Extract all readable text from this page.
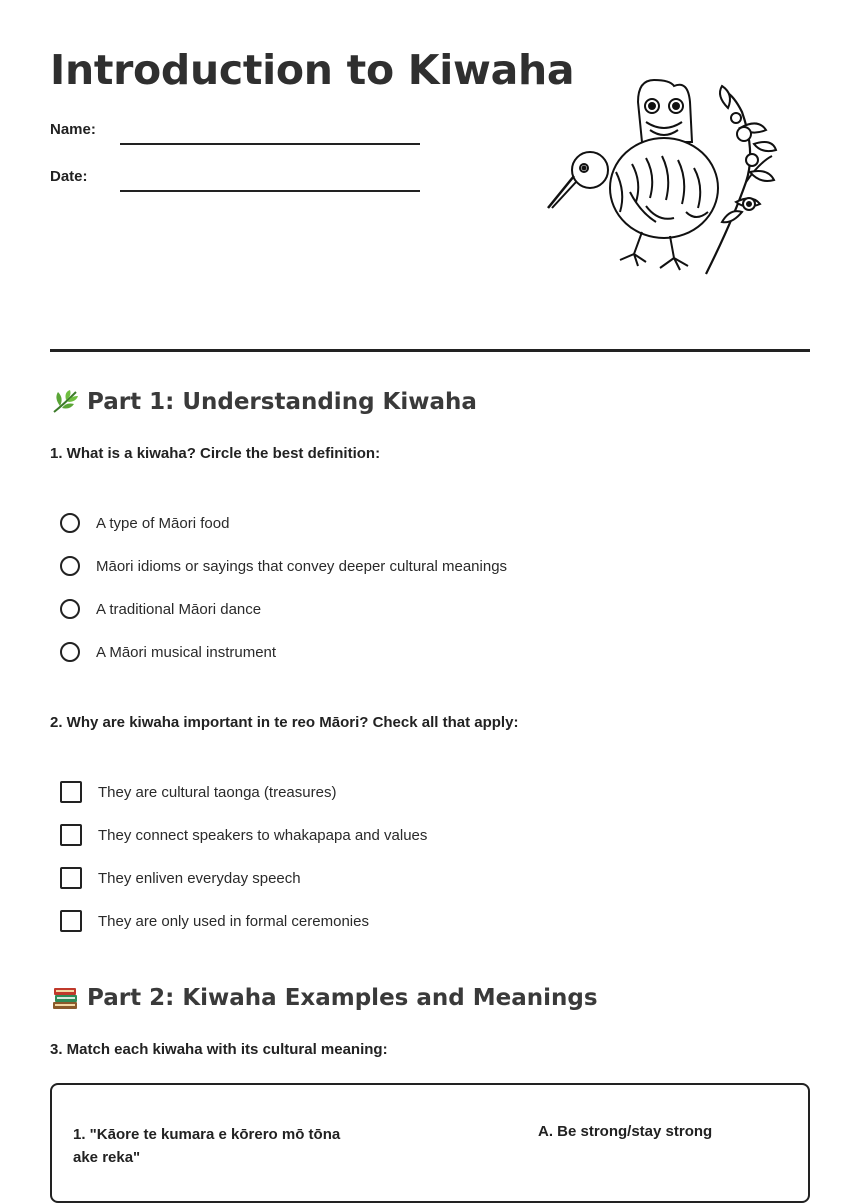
Introduction to Kiwaha
Name:
Date:
Part 1: Understanding Kiwaha
1. What is a kiwaha? Circle the best definition:
A type of Māori food
Māori idioms or sayings that convey deeper cultural meanings
A traditional Māori dance
A Māori musical instrument
2. Why are kiwaha important in te reo Māori? Check all that apply:
They are cultural taonga (treasures)
They connect speakers to whakapapa and values
They enliven everyday speech
They are only used in formal ceremonies
Part 2: Kiwaha Examples and Meanings
3. Match each kiwaha with its cultural meaning:
1. "Kāore te kumara e kōrero mō tōna ake reka"
A. Be strong/stay strong
